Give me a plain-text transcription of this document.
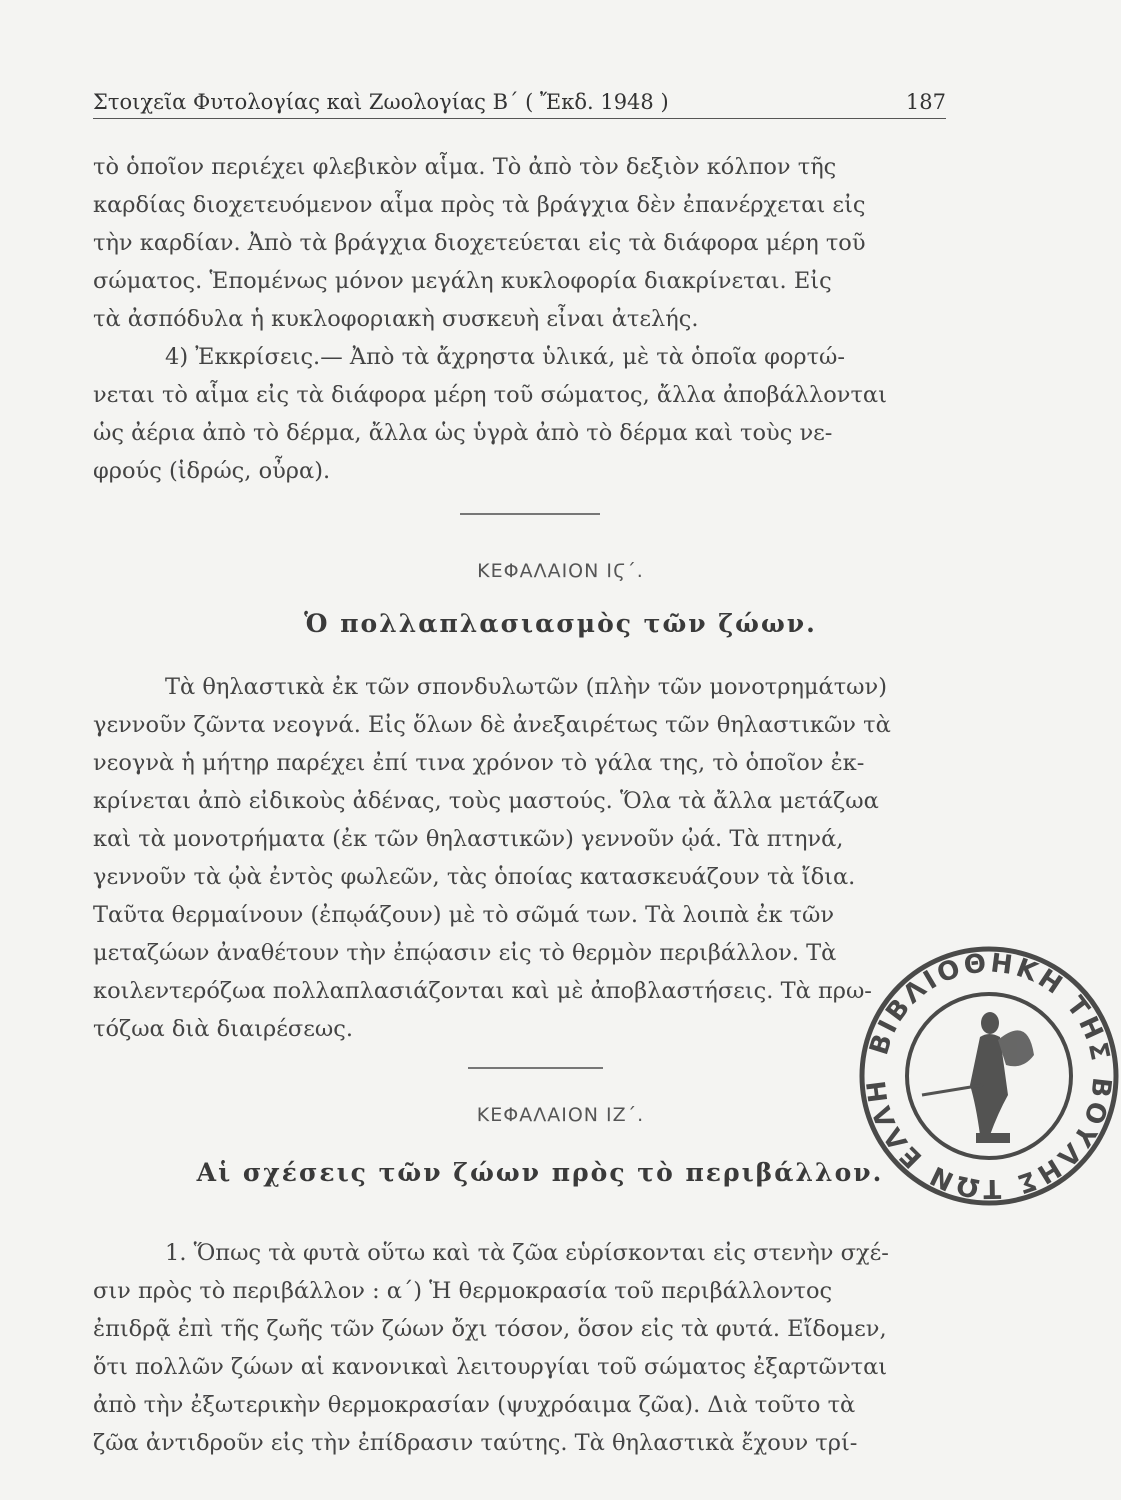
Στοιχεῖα Φυτολογίας καὶ Ζωολογίας Β΄ ( Ἔκδ. 1948 )	187
τὸ ὁποῖον περιέχει φλεβικὸν αἷμα. Τὸ ἀπὸ τὸν δεξιὸν κόλπον τῆς
καρδίας διοχετευόμενον αἷμα πρὸς τὰ βράγχια δὲν ἐπανέρχεται εἰς
τὴν καρδίαν. Ἀπὸ τὰ βράγχια διοχετεύεται εἰς τὰ διάφορα μέρη τοῦ
σώματος. Ἑπομένως μόνον μεγάλη κυκλοφορία διακρίνεται. Εἰς
τὰ ἀσπόδυλα ἡ κυκλοφοριακὴ συσκευὴ εἶναι ἀτελής.
4) Ἐκκρίσεις.— Ἀπὸ τὰ ἄχρηστα ὑλικά, μὲ τὰ ὁποῖα φορτώ-
νεται τὸ αἷμα εἰς τὰ διάφορα μέρη τοῦ σώματος, ἄλλα ἀποβάλλονται
ὡς ἀέρια ἀπὸ τὸ δέρμα, ἄλλα ὡς ὑγρὰ ἀπὸ τὸ δέρμα καὶ τοὺς νε-
φρούς (ἱδρώς, οὖρα).
ΚΕΦΑΛΑΙΟΝ ΙϚ΄.
Ὁ πολλαπλασιασμὸς τῶν ζώων.
Τὰ θηλαστικὰ ἐκ τῶν σπονδυλωτῶν (πλὴν τῶν μονοτρημάτων)
γεννοῦν ζῶντα νεογνά. Εἰς ὅλων δὲ ἀνεξαιρέτως τῶν θηλαστικῶν τὰ
νεογνὰ ἡ μήτηρ παρέχει ἐπί τινα χρόνον τὸ γάλα της, τὸ ὁποῖον ἐκ-
κρίνεται ἀπὸ εἰδικοὺς ἀδένας, τοὺς μαστούς. Ὅλα τὰ ἄλλα μετάζωα
καὶ τὰ μονοτρήματα (ἐκ τῶν θηλαστικῶν) γεννοῦν ᾠά. Τὰ πτηνά,
γεννοῦν τὰ ᾠὰ ἐντὸς φωλεῶν, τὰς ὁποίας κατασκευάζουν τὰ ἴδια.
Ταῦτα θερμαίνουν (ἐπῳάζουν) μὲ τὸ σῶμά των. Τὰ λοιπὰ ἐκ τῶν
μεταζώων ἀναθέτουν τὴν ἐπῴασιν εἰς τὸ θερμὸν περιβάλλον. Τὰ
κοιλεντερόζωα πολλαπλασιάζονται καὶ μὲ ἀποβλαστήσεις. Τὰ πρω-
τόζωα διὰ διαιρέσεως.
ΚΕΦΑΛΑΙΟΝ ΙΖ΄.
Αἱ σχέσεις τῶν ζώων πρὸς τὸ περιβάλλον.
1. Ὅπως τὰ φυτὰ οὕτω καὶ τὰ ζῶα εὑρίσκονται εἰς στενὴν σχέ-
σιν πρὸς τὸ περιβάλλον : α΄) Ἡ θερμοκρασία τοῦ περιβάλλοντος
ἐπιδρᾷ ἐπὶ τῆς ζωῆς τῶν ζώων ὄχι τόσον, ὅσον εἰς τὰ φυτά. Εἴδομεν,
ὅτι πολλῶν ζώων αἱ κανονικαὶ λειτουργίαι τοῦ σώματος ἐξαρτῶνται
ἀπὸ τὴν ἐξωτερικὴν θερμοκρασίαν (ψυχρόαιμα ζῶα). Διὰ τοῦτο τὰ
ζῶα ἀντιδροῦν εἰς τὴν ἐπίδρασιν ταύτης. Τὰ θηλαστικὰ ἔχουν τρί-
ΒΙΒΛΙΟΘΗΚΗ ΤΗΣ ΒΟΥΛΗΣ ΤΩΝ ΕΛΛΗ
